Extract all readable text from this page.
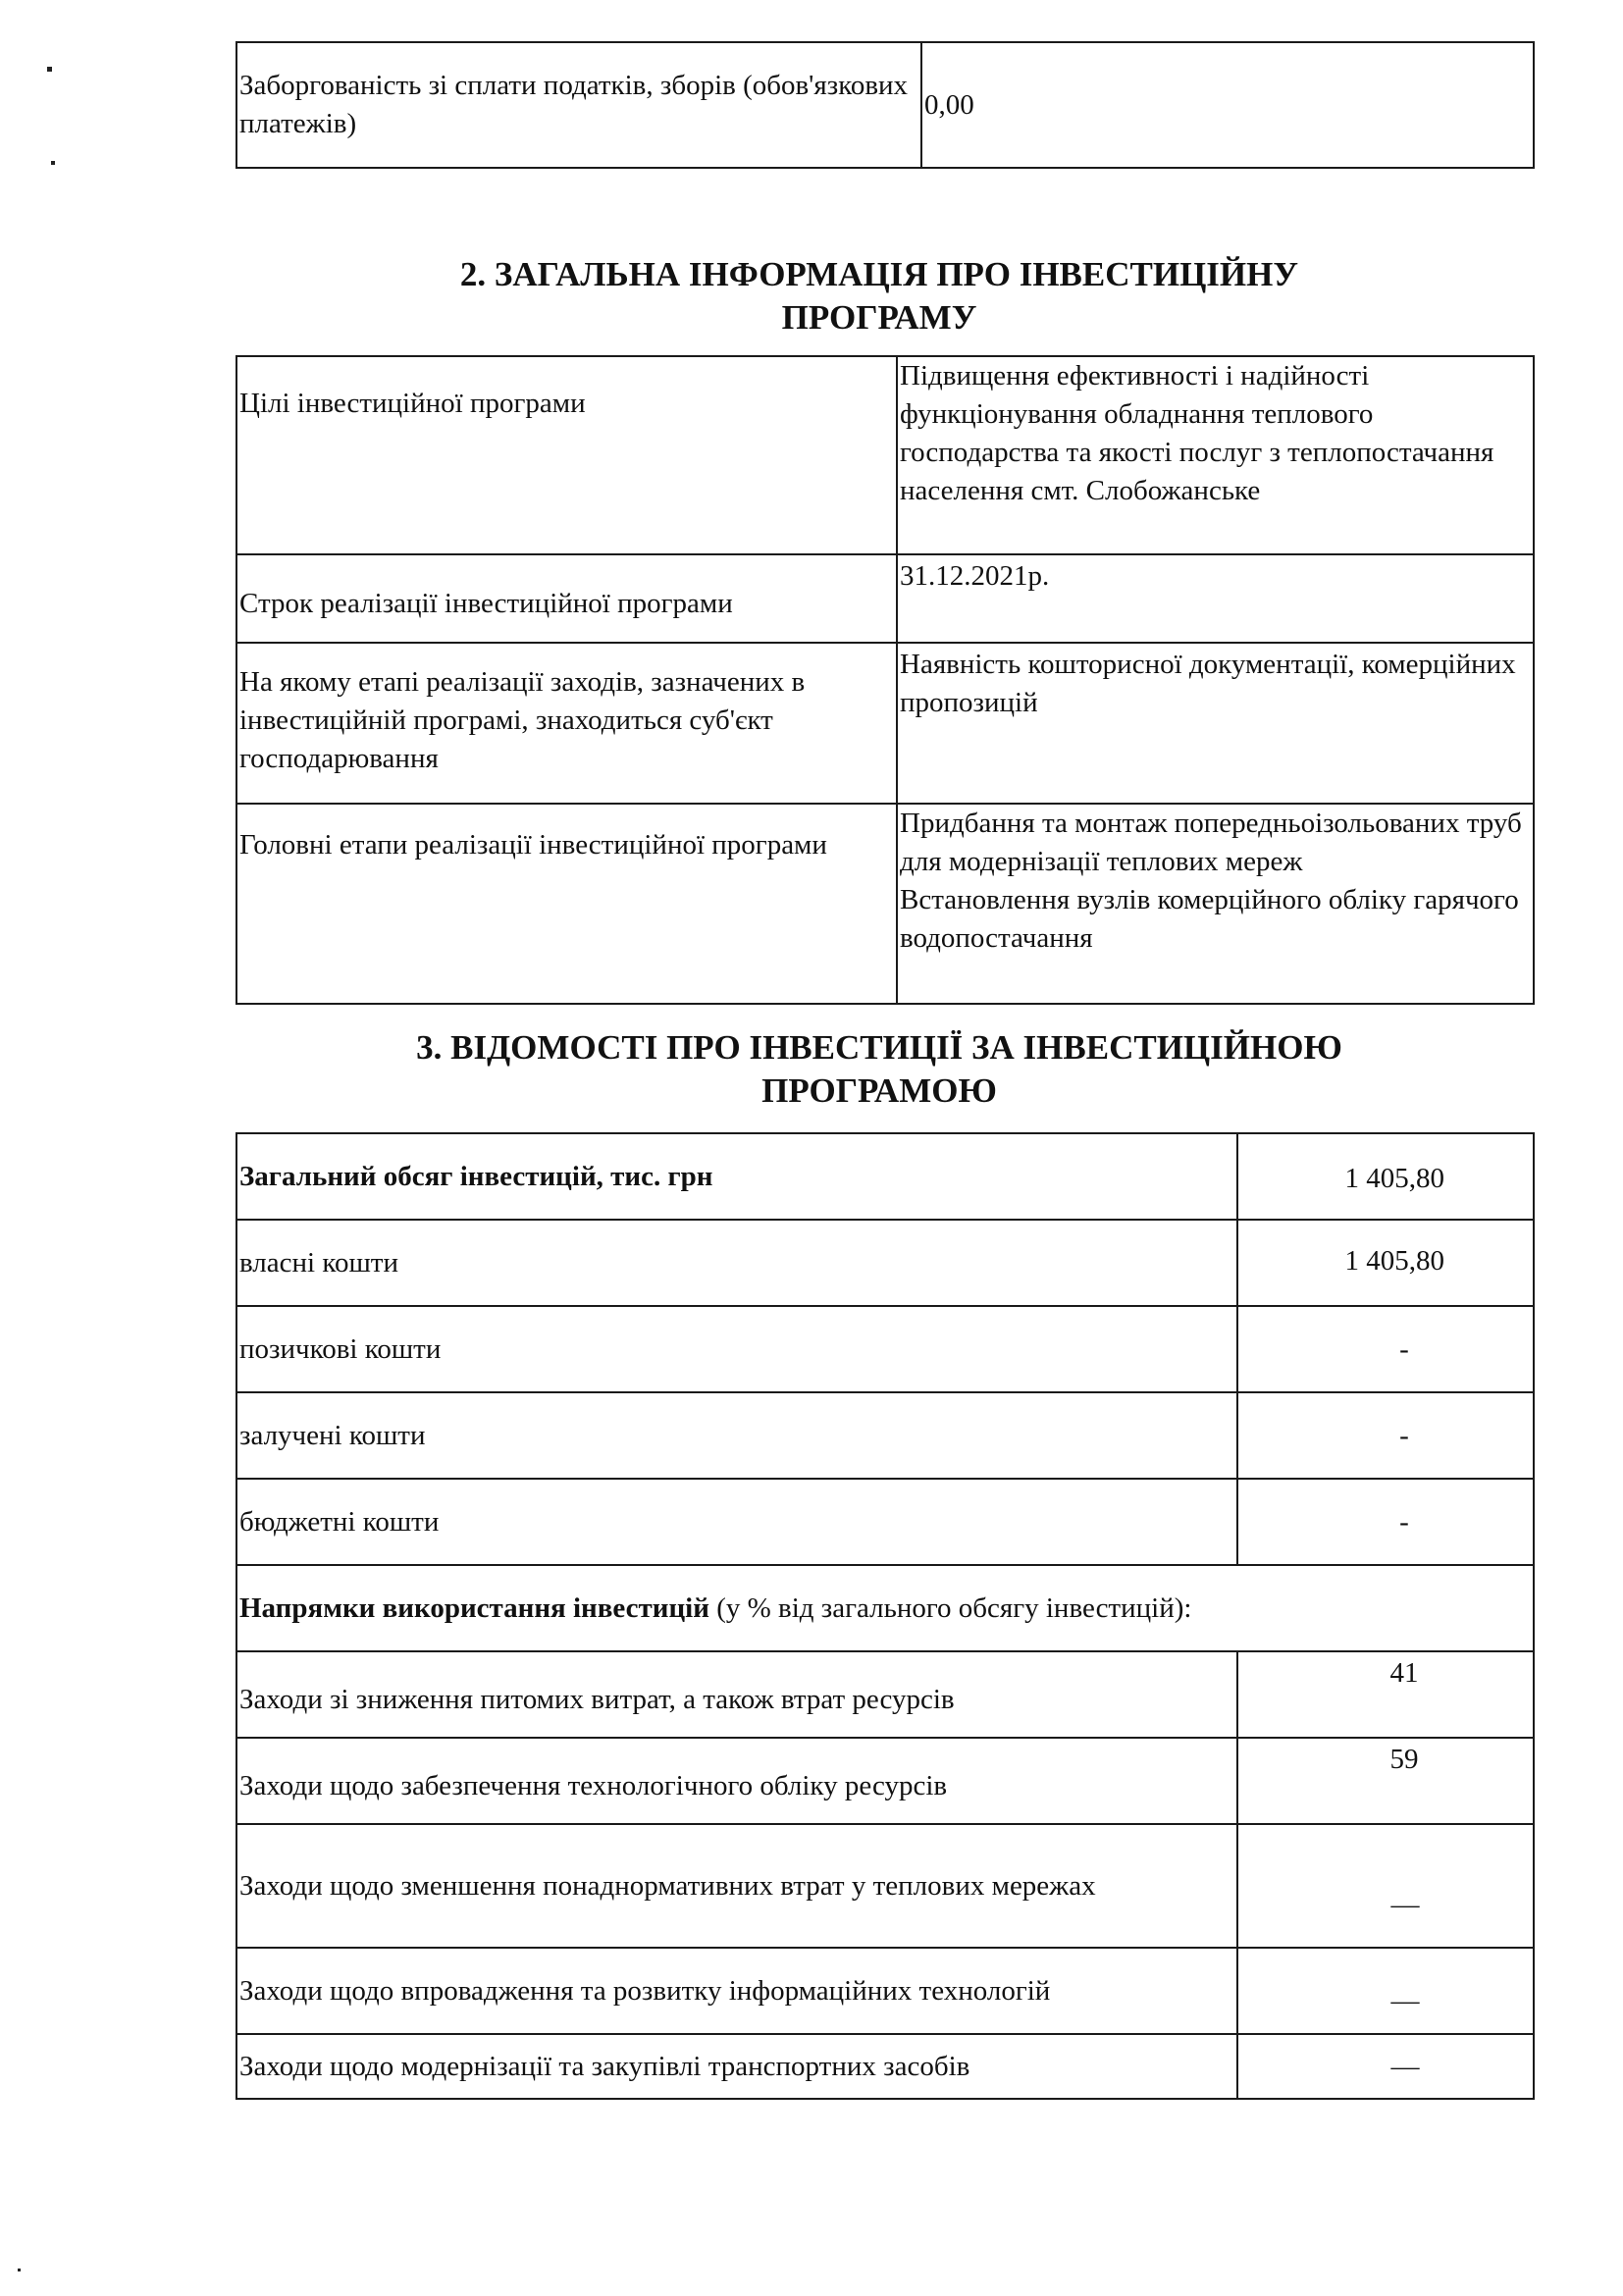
Заборгованість зі сплати податків, зборів (обов'язкових платежів)	0,00
2. ЗАГАЛЬНА ІНФОРМАЦІЯ ПРО ІНВЕСТИЦІЙНУ
ПРОГРАМУ
Цілі інвестиційної програми	Підвищення ефективності і надійності функціонування обладнання теплового господарства та якості послуг з теплопостачання населення смт. Слобожанське
Строк реалізації інвестиційної програми	31.12.2021р.
На якому етапі реалізації заходів, зазначених в інвестиційній програмі, знаходиться суб'єкт господарювання	Наявність кошторисної документації, комерційних пропозицій
Головні етапи реалізації інвестиційної програми	Придбання та монтаж попередньоізольованих труб для модернізації теплових мереж
Встановлення вузлів комерційного обліку гарячого водопостачання
3. ВІДОМОСТІ ПРО ІНВЕСТИЦІЇ ЗА ІНВЕСТИЦІЙНОЮ
ПРОГРАМОЮ
Загальний обсяг інвестицій, тис. грн	1 405,80
власні кошти	1 405,80
позичкові кошти	-
залучені кошти	-
бюджетні кошти	-
Напрямки використання інвестицій (у % від загального обсягу інвестицій):	
Заходи зі зниження питомих витрат, а також втрат ресурсів	41
Заходи щодо забезпечення технологічного обліку ресурсів	59
Заходи щодо зменшення понаднормативних втрат у теплових мережах	—

Заходи щодо впровадження та розвитку інформаційних технологій	—

Заходи щодо модернізації та закупівлі транспортних засобів	—
